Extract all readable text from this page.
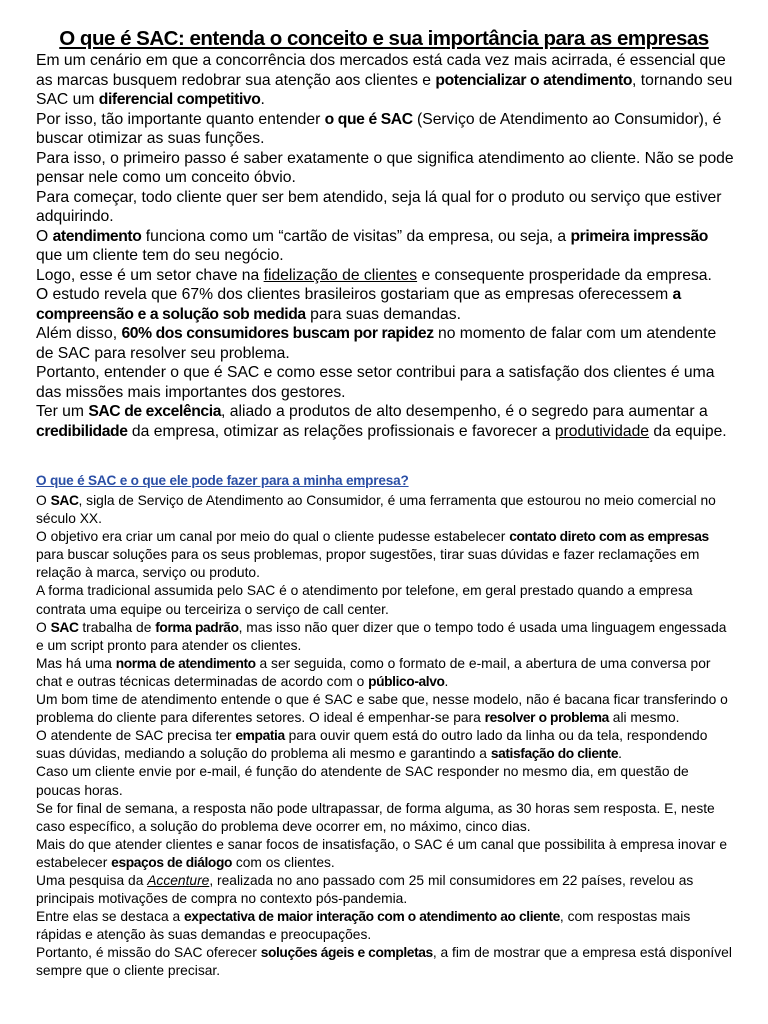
O que é SAC: entenda o conceito e sua importância para as empresas

Em um cenário em que a concorrência dos mercados está cada vez mais acirrada, é essencial que as marcas busquem redobrar sua atenção aos clientes e potencializar o atendimento, tornando seu SAC um diferencial competitivo.

Por isso, tão importante quanto entender o que é SAC (Serviço de Atendimento ao Consumidor), é buscar otimizar as suas funções.

Para isso, o primeiro passo é saber exatamente o que significa atendimento ao cliente. Não se pode pensar nele como um conceito óbvio.

Para começar, todo cliente quer ser bem atendido, seja lá qual for o produto ou serviço que estiver adquirindo.

O atendimento funciona como um “cartão de visitas” da empresa, ou seja, a primeira impressão que um cliente tem do seu negócio.

Logo, esse é um setor chave na fidelização de clientes e consequente prosperidade da empresa.

O estudo revela que 67% dos clientes brasileiros gostariam que as empresas oferecessem a compreensão e a solução sob medida para suas demandas.

Além disso, 60% dos consumidores buscam por rapidez no momento de falar com um atendente de SAC para resolver seu problema.

Portanto, entender o que é SAC e como esse setor contribui para a satisfação dos clientes é uma das missões mais importantes dos gestores.

Ter um SAC de excelência, aliado a produtos de alto desempenho, é o segredo para aumentar a credibilidade da empresa, otimizar as relações profissionais e favorecer a produtividade da equipe.

O que é SAC e o que ele pode fazer para a minha empresa?

O SAC, sigla de Serviço de Atendimento ao Consumidor, é uma ferramenta que estourou no meio comercial no século XX.

O objetivo era criar um canal por meio do qual o cliente pudesse estabelecer contato direto com as empresas para buscar soluções para os seus problemas, propor sugestões, tirar suas dúvidas e fazer reclamações em relação à marca, serviço ou produto.

A forma tradicional assumida pelo SAC é o atendimento por telefone, em geral prestado quando a empresa contrata uma equipe ou terceiriza o serviço de call center.

O SAC trabalha de forma padrão, mas isso não quer dizer que o tempo todo é usada uma linguagem engessada e um script pronto para atender os clientes.

Mas há uma norma de atendimento a ser seguida, como o formato de e-mail, a abertura de uma conversa por chat e outras técnicas determinadas de acordo com o público-alvo.

Um bom time de atendimento entende o que é SAC e sabe que, nesse modelo, não é bacana ficar transferindo o problema do cliente para diferentes setores. O ideal é empenhar-se para resolver o problema ali mesmo.

O atendente de SAC precisa ter empatia para ouvir quem está do outro lado da linha ou da tela, respondendo suas dúvidas, mediando a solução do problema ali mesmo e garantindo a satisfação do cliente.

Caso um cliente envie por e-mail, é função do atendente de SAC responder no mesmo dia, em questão de poucas horas.

Se for final de semana, a resposta não pode ultrapassar, de forma alguma, as 30 horas sem resposta. E, neste caso específico, a solução do problema deve ocorrer em, no máximo, cinco dias.

Mais do que atender clientes e sanar focos de insatisfação, o SAC é um canal que possibilita à empresa inovar e estabelecer espaços de diálogo com os clientes.

Uma pesquisa da Accenture, realizada no ano passado com 25 mil consumidores em 22 países, revelou as principais motivações de compra no contexto pós-pandemia.

Entre elas se destaca a expectativa de maior interação com o atendimento ao cliente, com respostas mais rápidas e atenção às suas demandas e preocupações.

Portanto, é missão do SAC oferecer soluções ágeis e completas, a fim de mostrar que a empresa está disponível sempre que o cliente precisar.
